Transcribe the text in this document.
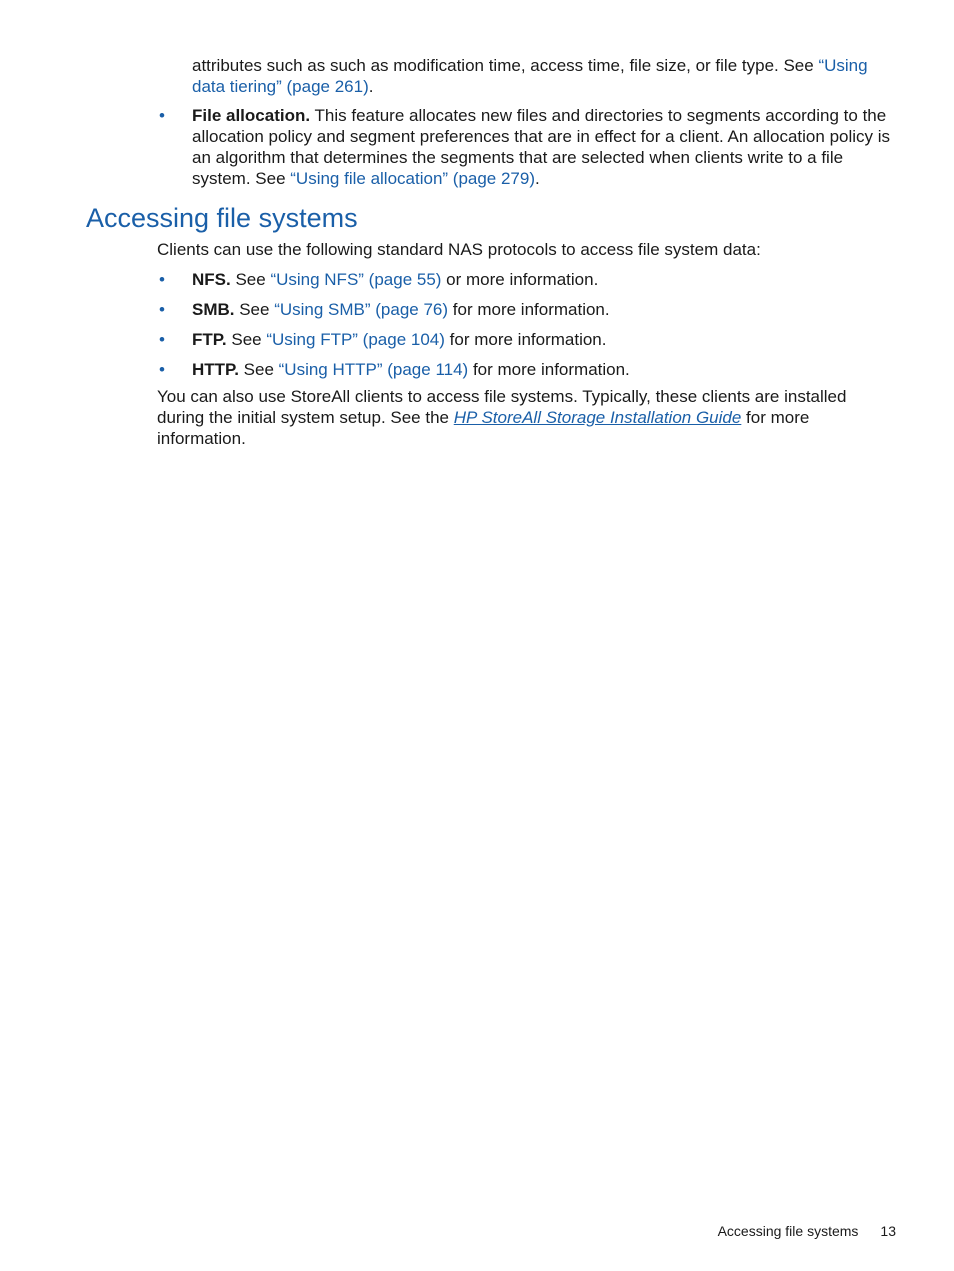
attributes such as such as modification time, access time, file size, or file type. See “Using data tiering” (page 261).
• File allocation. This feature allocates new files and directories to segments according to the allocation policy and segment preferences that are in effect for a client. An allocation policy is an algorithm that determines the segments that are selected when clients write to a file system. See “Using file allocation” (page 279).
Accessing file systems
Clients can use the following standard NAS protocols to access file system data:
• NFS. See “Using NFS” (page 55) or more information.
• SMB. See “Using SMB” (page 76) for more information.
• FTP. See “Using FTP” (page 104) for more information.
• HTTP. See “Using HTTP” (page 114) for more information.
You can also use StoreAll clients to access file systems. Typically, these clients are installed during the initial system setup. See the HP StoreAll Storage Installation Guide for more information.
Accessing file systems 13
